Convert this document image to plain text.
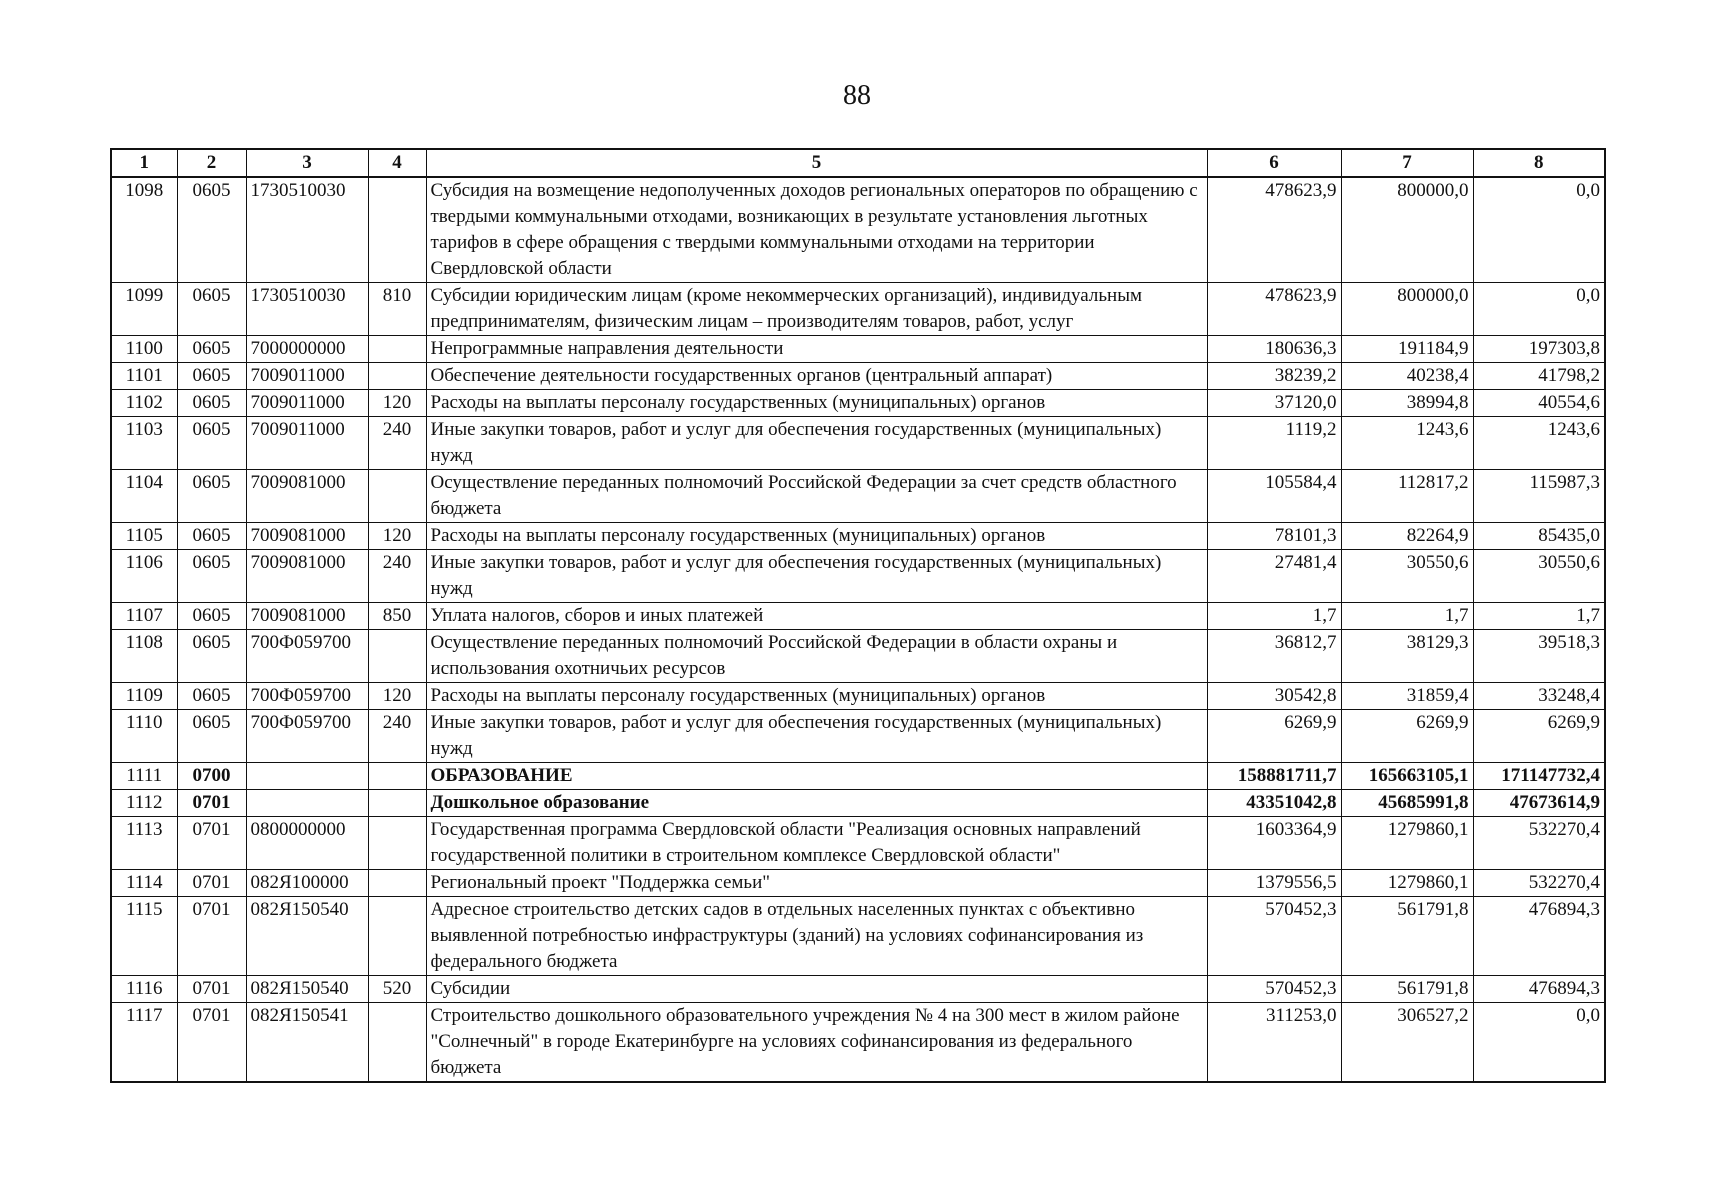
88
1	2	3	4	5	6	7	8
1098	0605	1730510030		Субсидия на возмещение недополученных доходов региональных операторов по обращению с твердыми коммунальными отходами, возникающих в результате установления льготных тарифов в сфере обращения с твердыми коммунальными отходами на территории Свердловской области	478623,9	800000,0	0,0
1099	0605	1730510030	810	Субсидии юридическим лицам (кроме некоммерческих организаций), индивидуальным предпринимателям, физическим лицам – производителям товаров, работ, услуг	478623,9	800000,0	0,0
1100	0605	7000000000		Непрограммные направления деятельности	180636,3	191184,9	197303,8
1101	0605	7009011000		Обеспечение деятельности государственных органов (центральный аппарат)	38239,2	40238,4	41798,2
1102	0605	7009011000	120	Расходы на выплаты персоналу государственных (муниципальных) органов	37120,0	38994,8	40554,6
1103	0605	7009011000	240	Иные закупки товаров, работ и услуг для обеспечения государственных (муниципальных) нужд	1119,2	1243,6	1243,6
1104	0605	7009081000		Осуществление переданных полномочий Российской Федерации за счет средств областного бюджета	105584,4	112817,2	115987,3
1105	0605	7009081000	120	Расходы на выплаты персоналу государственных (муниципальных) органов	78101,3	82264,9	85435,0
1106	0605	7009081000	240	Иные закупки товаров, работ и услуг для обеспечения государственных (муниципальных) нужд	27481,4	30550,6	30550,6
1107	0605	7009081000	850	Уплата налогов, сборов и иных платежей	1,7	1,7	1,7
1108	0605	700Ф059700		Осуществление переданных полномочий Российской Федерации в области охраны и использования охотничьих ресурсов	36812,7	38129,3	39518,3
1109	0605	700Ф059700	120	Расходы на выплаты персоналу государственных (муниципальных) органов	30542,8	31859,4	33248,4
1110	0605	700Ф059700	240	Иные закупки товаров, работ и услуг для обеспечения государственных (муниципальных) нужд	6269,9	6269,9	6269,9
1111	0700			ОБРАЗОВАНИЕ	158881711,7	165663105,1	171147732,4
1112	0701			Дошкольное образование	43351042,8	45685991,8	47673614,9
1113	0701	0800000000		Государственная программа Свердловской области "Реализация основных направлений государственной политики в строительном комплексе Свердловской области"	1603364,9	1279860,1	532270,4
1114	0701	082Я100000		Региональный проект "Поддержка семьи"	1379556,5	1279860,1	532270,4
1115	0701	082Я150540		Адресное строительство детских садов в отдельных населенных пунктах с объективно выявленной потребностью инфраструктуры (зданий) на условиях софинансирования из федерального бюджета	570452,3	561791,8	476894,3
1116	0701	082Я150540	520	Субсидии	570452,3	561791,8	476894,3
1117	0701	082Я150541		Строительство дошкольного образовательного учреждения № 4 на 300 мест в жилом районе "Солнечный" в городе Екатеринбурге на условиях софинансирования из федерального бюджета	311253,0	306527,2	0,0
